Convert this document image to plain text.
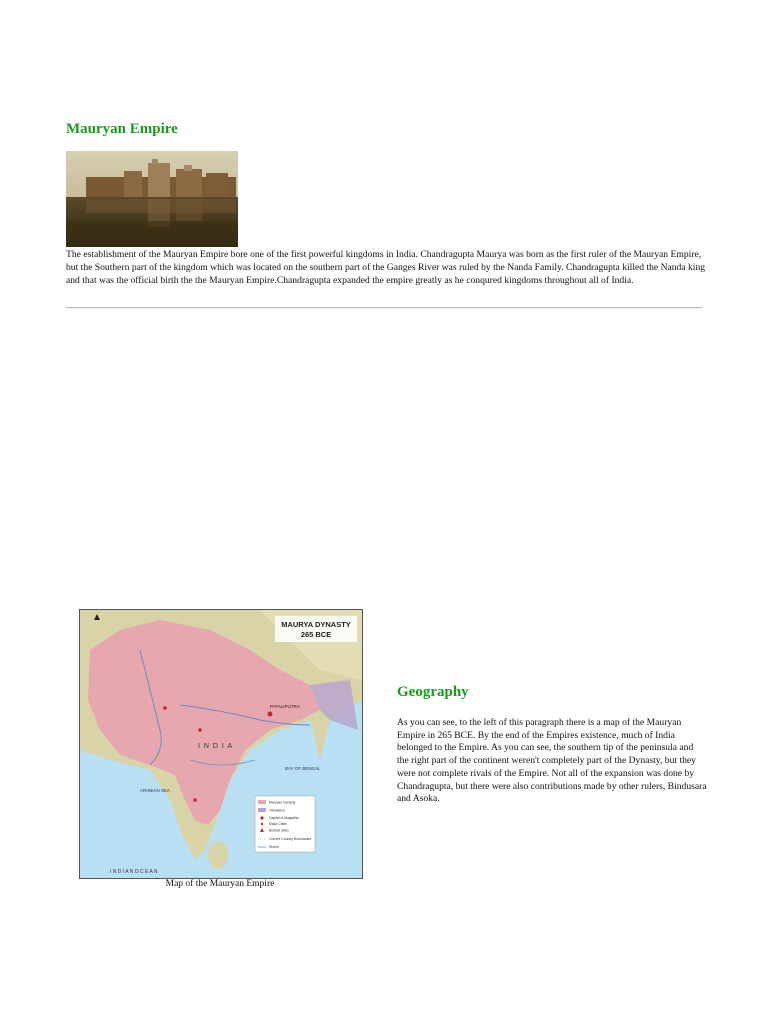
Mauryan Empire

The establishment of the Mauryan Empire bore one of the first powerful kingdoms in India. Chandragupta Maurya was born as the first ruler of the Mauryan Empire, but the Southern part of the kingdom which was located on the southern part of the Ganges River was ruled by the Nanda Family. Chandragupta killed the Nanda king and that was the official birth the the Mauryan Empire.Chandragupta expanded the empire greatly as he conqured kingdoms throughout all of India.

MAURYA DYNASTY
265 BCE
I N D I A
PATALIPUTRA
ARABIAN SEA
BAY OF BENGAL
I N D I A N O C E A N
Mauryan Dynasty
Tributaries
Capital of Magadha
Major Cities
Budhist Sites
Current Country Boundaries
Rivers

Map of the Mauryan Empire

Geography

As you can see, to the left of this paragraph there is a map of the Mauryan Empire in 265 BCE. By the end of the Empires existence, much of India belonged to the Empire. As you can see, the southern tip of the peninsula and the right part of the continent weren't completely part of the Dynasty, but they were not complete rivals of the Empire. Not all of the expansion was done by Chandragupta, but there were also contributions made by other rulers, Bindusara and Asoka.
